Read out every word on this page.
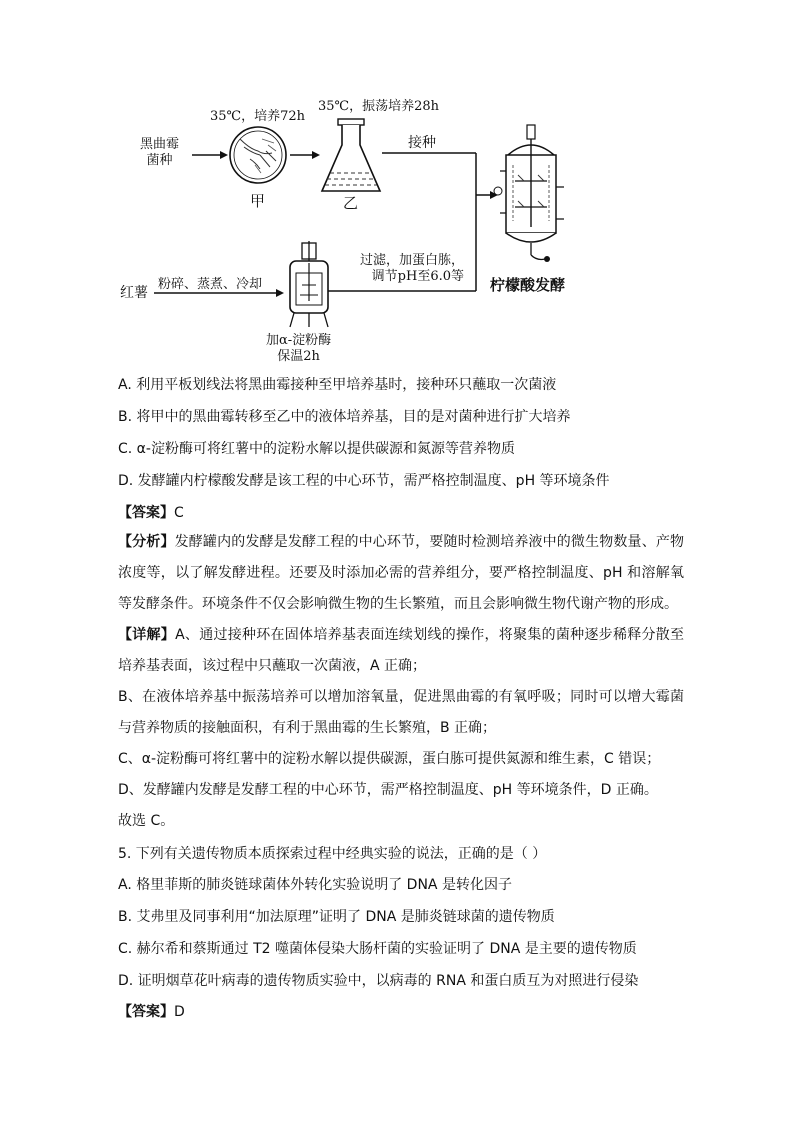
黑曲霉
菌种
35℃，培养72h
35℃，振荡培养28h
甲	乙
接种
红薯
粉碎、蒸煮、冷却
过滤，加蛋白胨，
调节pH至6.0等 柠檬酸发酵
加α-淀粉酶
保温2h
A. 利用平板划线法将黑曲霉接种至甲培养基时，接种环只蘸取一次菌液
B. 将甲中的黑曲霉转移至乙中的液体培养基，目的是对菌种进行扩大培养
C. α-淀粉酶可将红薯中的淀粉水解以提供碳源和氮源等营养物质
D. 发酵罐内柠檬酸发酵是该工程的中心环节，需严格控制温度、pH 等环境条件
【答案】C
【分析】发酵罐内的发酵是发酵工程的中心环节，要随时检测培养液中的微生物数量、产物浓度等，以了解发酵进程。还要及时添加必需的营养组分，要严格控制温度、pH 和溶解氧等发酵条件。环境条件不仅会影响微生物的生长繁殖，而且会影响微生物代谢产物的形成。
【详解】A、通过接种环在固体培养基表面连续划线的操作，将聚集的菌种逐步稀释分散至培养基表面，该过程中只蘸取一次菌液，A 正确；
B、在液体培养基中振荡培养可以增加溶氧量，促进黑曲霉的有氧呼吸；同时可以增大霉菌与营养物质的接触面积，有利于黑曲霉的生长繁殖，B 正确；
C、α-淀粉酶可将红薯中的淀粉水解以提供碳源，蛋白胨可提供氮源和维生素，C 错误；
D、发酵罐内发酵是发酵工程的中心环节，需严格控制温度、pH 等环境条件，D 正确。
故选 C。
5. 下列有关遗传物质本质探索过程中经典实验的说法，正确的是（ ）
A. 格里菲斯的肺炎链球菌体外转化实验说明了 DNA 是转化因子
B. 艾弗里及同事利用“加法原理”证明了 DNA 是肺炎链球菌的遗传物质
C. 赫尔希和蔡斯通过 T2 噬菌体侵染大肠杆菌的实验证明了 DNA 是主要的遗传物质
D. 证明烟草花叶病毒的遗传物质实验中，以病毒的 RNA 和蛋白质互为对照进行侵染
【答案】D
